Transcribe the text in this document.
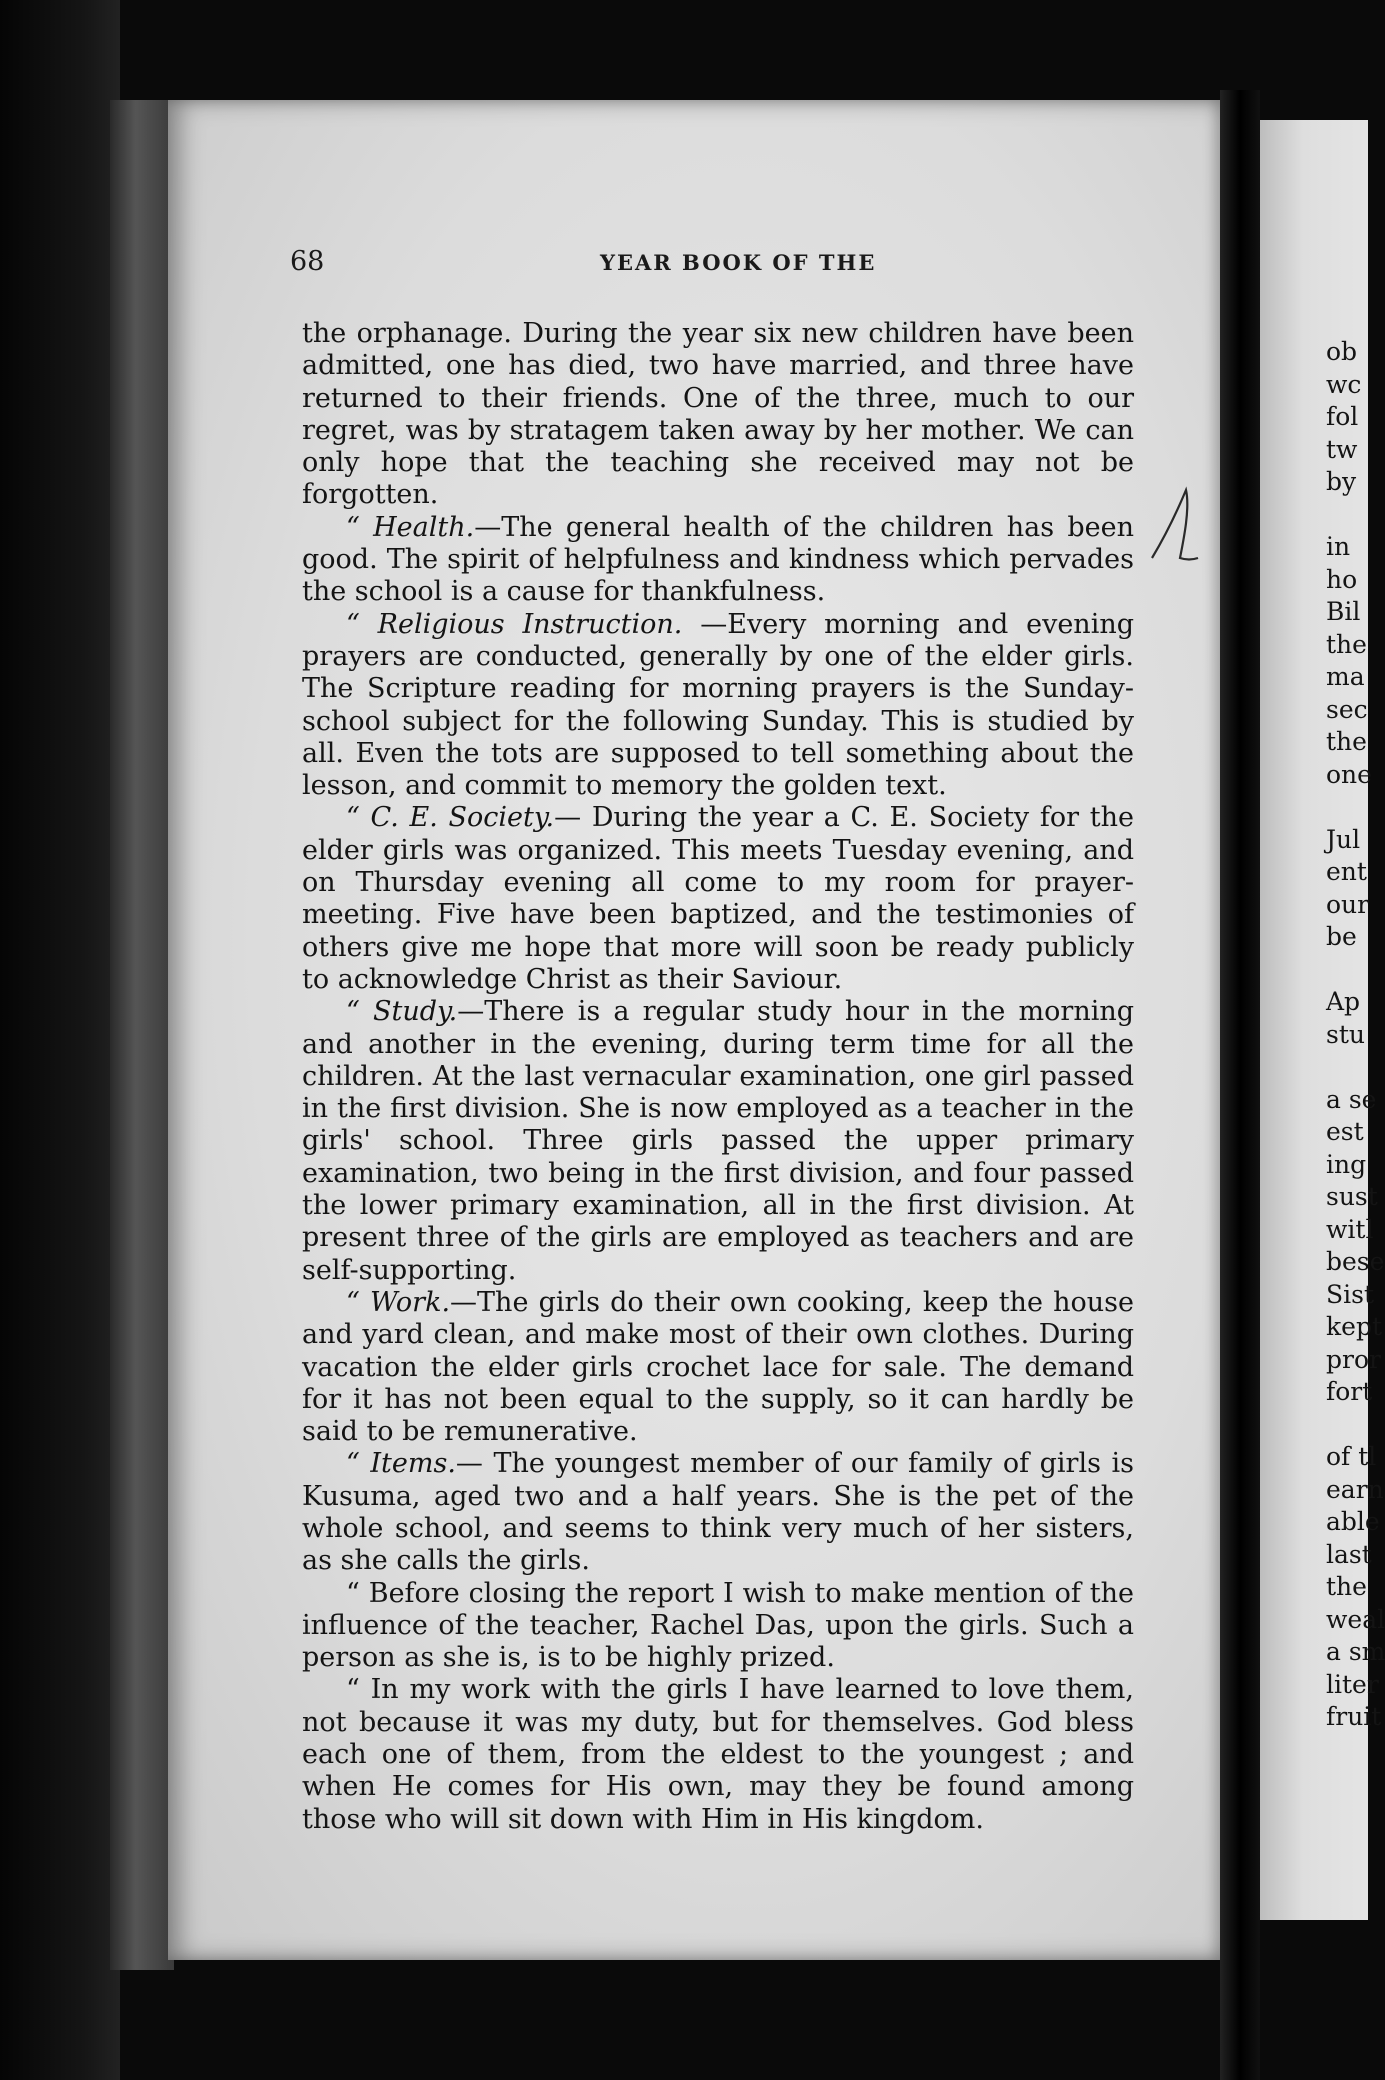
68	YEAR BOOK OF THE

the orphanage. During the year six new children have been admitted, one has died, two have married, and three have returned to their friends. One of the three, much to our regret, was by stratagem taken away by her mother. We can only hope that the teaching she received may not be forgotten.

“ Health.—The general health of the children has been good. The spirit of helpfulness and kindness which pervades the school is a cause for thankfulness.

“ Religious Instruction. —Every morning and evening prayers are conducted, generally by one of the elder girls. The Scripture reading for morning prayers is the Sunday-school subject for the following Sunday. This is studied by all. Even the tots are supposed to tell something about the lesson, and commit to memory the golden text.

“ C. E. Society.— During the year a C. E. Society for the elder girls was organized. This meets Tuesday evening, and on Thursday evening all come to my room for prayer-meeting. Five have been baptized, and the testimonies of others give me hope that more will soon be ready publicly to acknowledge Christ as their Saviour.

“ Study.—There is a regular study hour in the morning and another in the evening, during term time for all the children. At the last vernacular examination, one girl passed in the first division. She is now employed as a teacher in the girls' school. Three girls passed the upper primary examination, two being in the first division, and four passed the lower primary examination, all in the first division. At present three of the girls are employed as teachers and are self-supporting.

“ Work.—The girls do their own cooking, keep the house and yard clean, and make most of their own clothes. During vacation the elder girls crochet lace for sale. The demand for it has not been equal to the supply, so it can hardly be said to be remunerative.

“ Items.— The youngest member of our family of girls is Kusuma, aged two and a half years. She is the pet of the whole school, and seems to think very much of her sisters, as she calls the girls.

“ Before closing the report I wish to make mention of the influence of the teacher, Rachel Das, upon the girls. Such a person as she is, is to be highly prized.

“ In my work with the girls I have learned to love them, not because it was my duty, but for themselves. God bless each one of them, from the eldest to the youngest ; and when He comes for His own, may they be found among those who will sit down with Him in His kingdom.

ob
wc
fol
tw
by
in
ho
Bil
the
ma
sec
the
one
Jul
ent
our
be
Ap
stu
a se
est
ing
sust
witl
bese
Sist
kept
pror
fort
of tl
earn
able
last
the
weal
a sm
liter
fruit
